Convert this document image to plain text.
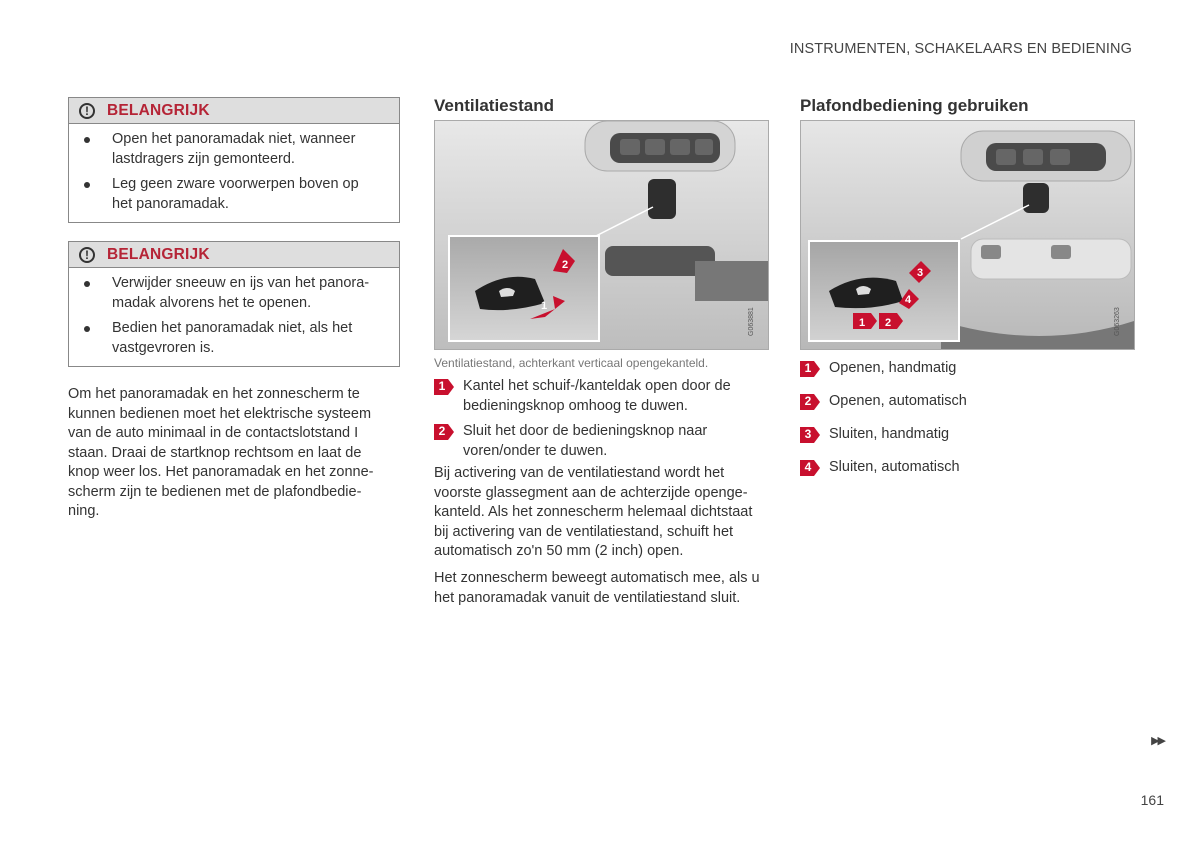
INSTRUMENTEN, SCHAKELAARS EN BEDIENING
!	BELANGRIJK
Open het panoramadak niet, wanneer lastdragers zijn gemonteerd.
Leg geen zware voorwerpen boven op het panoramadak.
!	BELANGRIJK
Verwijder sneeuw en ijs van het panora-madak alvorens het te openen.
Bedien het panoramadak niet, als het vastgevroren is.
Om het panoramadak en het zonnescherm te kunnen bedienen moet het elektrische systeem van de auto minimaal in de contactslotstand I staan. Draai de startknop rechtsom en laat de knop weer los. Het panoramadak en het zonne-scherm zijn te bedienen met de plafondbedie-ning.
Ventilatiestand
2
1
G063881
Ventilatiestand, achterkant verticaal opengekanteld.
1	Kantel het schuif-/kanteldak open door de bedieningsknop omhoog te duwen.
2	Sluit het door de bedieningsknop naar voren/onder te duwen.
Bij activering van de ventilatiestand wordt het voorste glassegment aan de achterzijde openge-kanteld. Als het zonnescherm helemaal dichtstaat bij activering van de ventilatiestand, schuift het automatisch zo'n 50 mm (2 inch) open.
Het zonnescherm beweegt automatisch mee, als u het panoramadak vanuit de ventilatiestand sluit.
Plafondbediening gebruiken
3
4
1 2	G063263
1	Openen, handmatig
2	Openen, automatisch
3	Sluiten, handmatig
4	Sluiten, automatisch
▶▶
161
